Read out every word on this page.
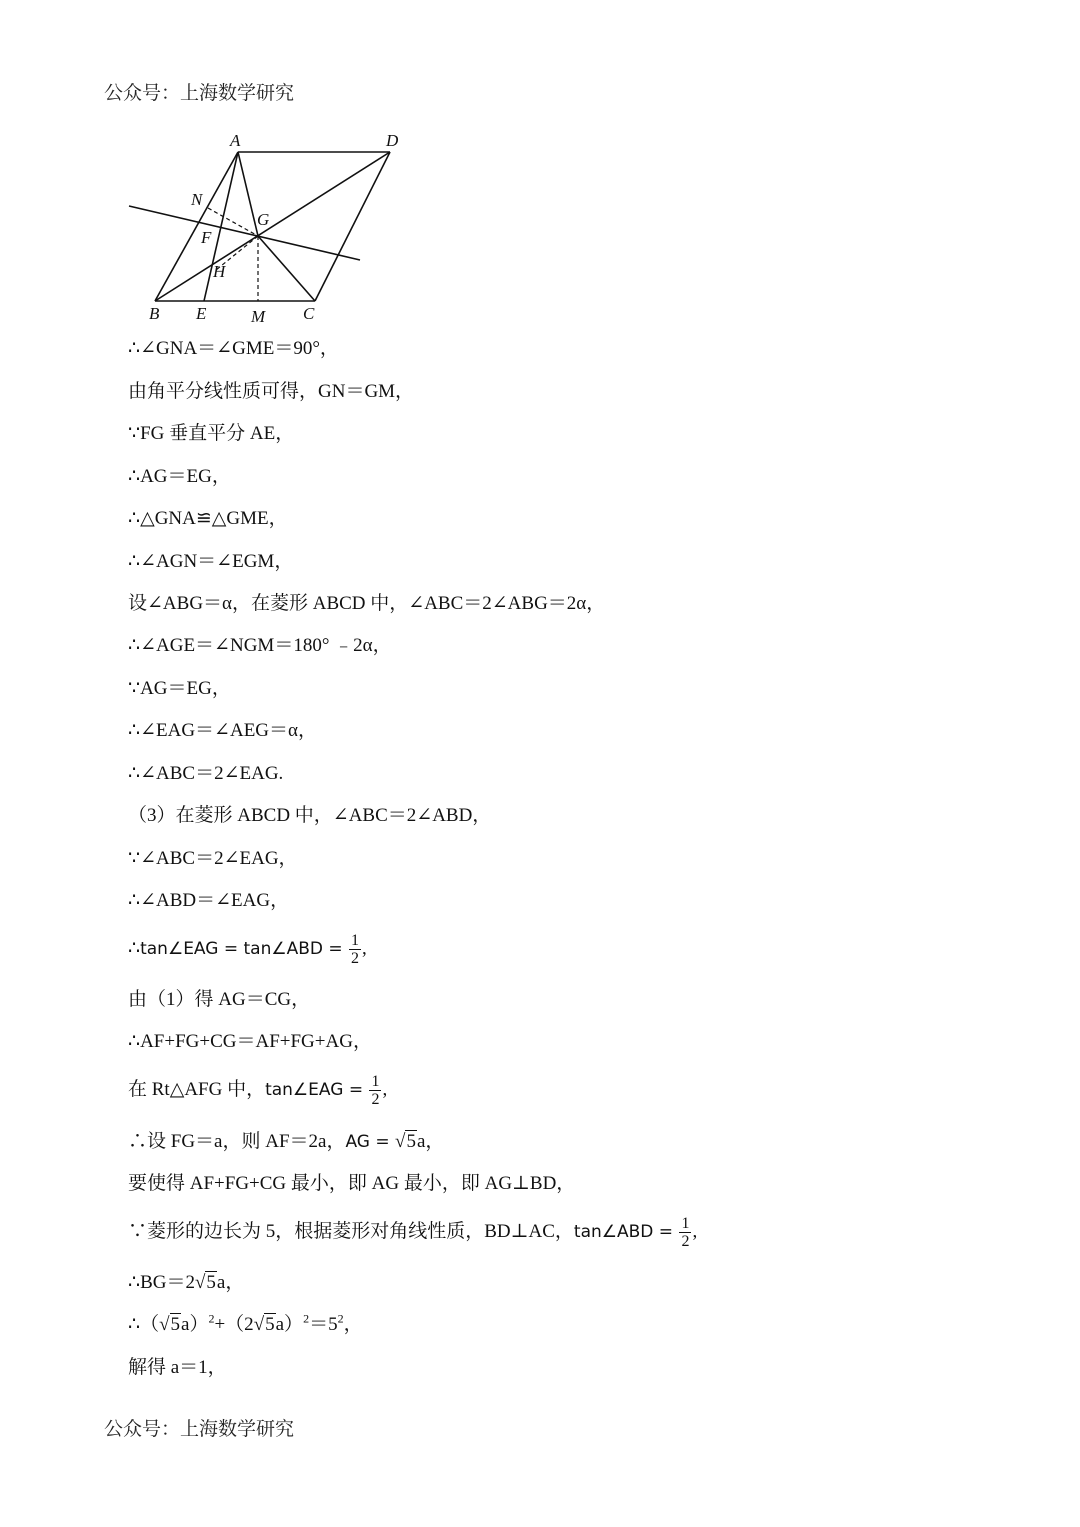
公众号：上海数学研究
A	D
N
G
F
H
B E	M C
∴∠GNA＝∠GME＝90°，
由角平分线性质可得，GN＝GM，
∵FG 垂直平分 AE，
∴AG＝EG，
∴△GNA≌△GME，
∴∠AGN＝∠EGM，
设∠ABG＝α，在菱形 ABCD 中，∠ABC＝2∠ABG＝2α，
∴∠AGE＝∠NGM＝180° ﹣2α，
∵AG＝EG，
∴∠EAG＝∠AEG＝α，
∴∠ABC＝2∠EAG.
（3）在菱形 ABCD 中，∠ABC＝2∠ABD，
∵∠ABC＝2∠EAG，
∴∠ABD＝∠EAG，
∴tan∠EAG = tan∠ABD = $\frac{1}{2}$ ,
由（1）得 AG＝CG，
∴AF+FG+CG＝AF+FG+AG，
在 Rt△AFG 中，tan∠EAG = $\frac{1}{2}$ ,
∴设 FG＝a，则 AF＝2a，AG = √5a，
要使得 AF+FG+CG 最小，即 AG 最小，即 AG⊥BD，
∵菱形的边长为 5，根据菱形对角线性质，BD⊥AC，tan∠ABD = $\frac{1}{2}$ ,
∴BG＝2√5a，
$\therefore(√5a)^2+(2√5a)^2=5^2$，
解得 a＝1，
公众号：上海数学研究
